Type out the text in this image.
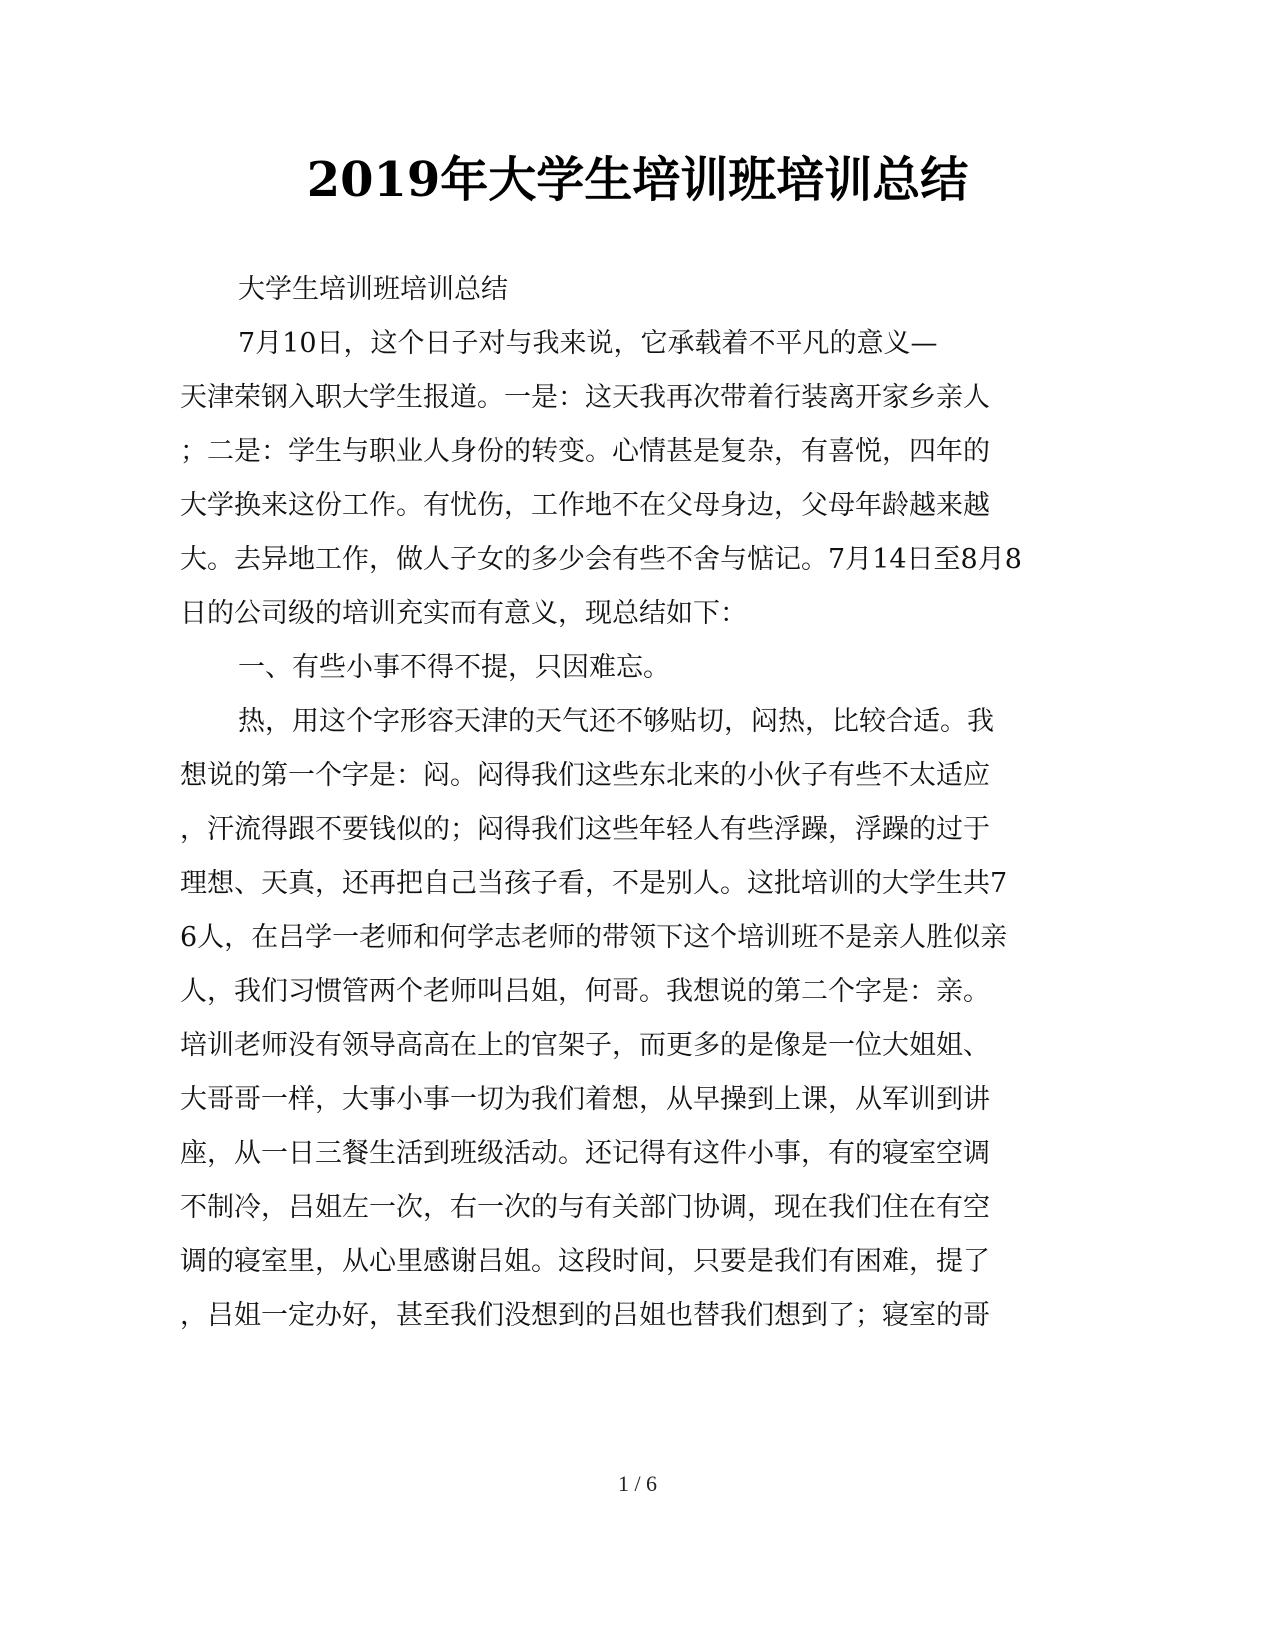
2019年大学生培训班培训总结
大学生培训班培训总结
7月10日，这个日子对与我来说，它承载着不平凡的意义—
天津荣钢入职大学生报道。一是：这天我再次带着行装离开家乡亲人
；二是：学生与职业人身份的转变。心情甚是复杂，有喜悦，四年的
大学换来这份工作。有忧伤，工作地不在父母身边，父母年龄越来越
大。去异地工作，做人子女的多少会有些不舍与惦记。7月14日至8月8
日的公司级的培训充实而有意义，现总结如下：
一、有些小事不得不提，只因难忘。
热，用这个字形容天津的天气还不够贴切，闷热，比较合适。我
想说的第一个字是：闷。闷得我们这些东北来的小伙子有些不太适应
，汗流得跟不要钱似的；闷得我们这些年轻人有些浮躁，浮躁的过于
理想、天真，还再把自己当孩子看，不是别人。这批培训的大学生共7
6人，在吕学一老师和何学志老师的带领下这个培训班不是亲人胜似亲
人，我们习惯管两个老师叫吕姐，何哥。我想说的第二个字是：亲。
培训老师没有领导高高在上的官架子，而更多的是像是一位大姐姐、
大哥哥一样，大事小事一切为我们着想，从早操到上课，从军训到讲
座，从一日三餐生活到班级活动。还记得有这件小事，有的寝室空调
不制冷，吕姐左一次，右一次的与有关部门协调，现在我们住在有空
调的寝室里，从心里感谢吕姐。这段时间，只要是我们有困难，提了
，吕姐一定办好，甚至我们没想到的吕姐也替我们想到了；寝室的哥
1 / 6
